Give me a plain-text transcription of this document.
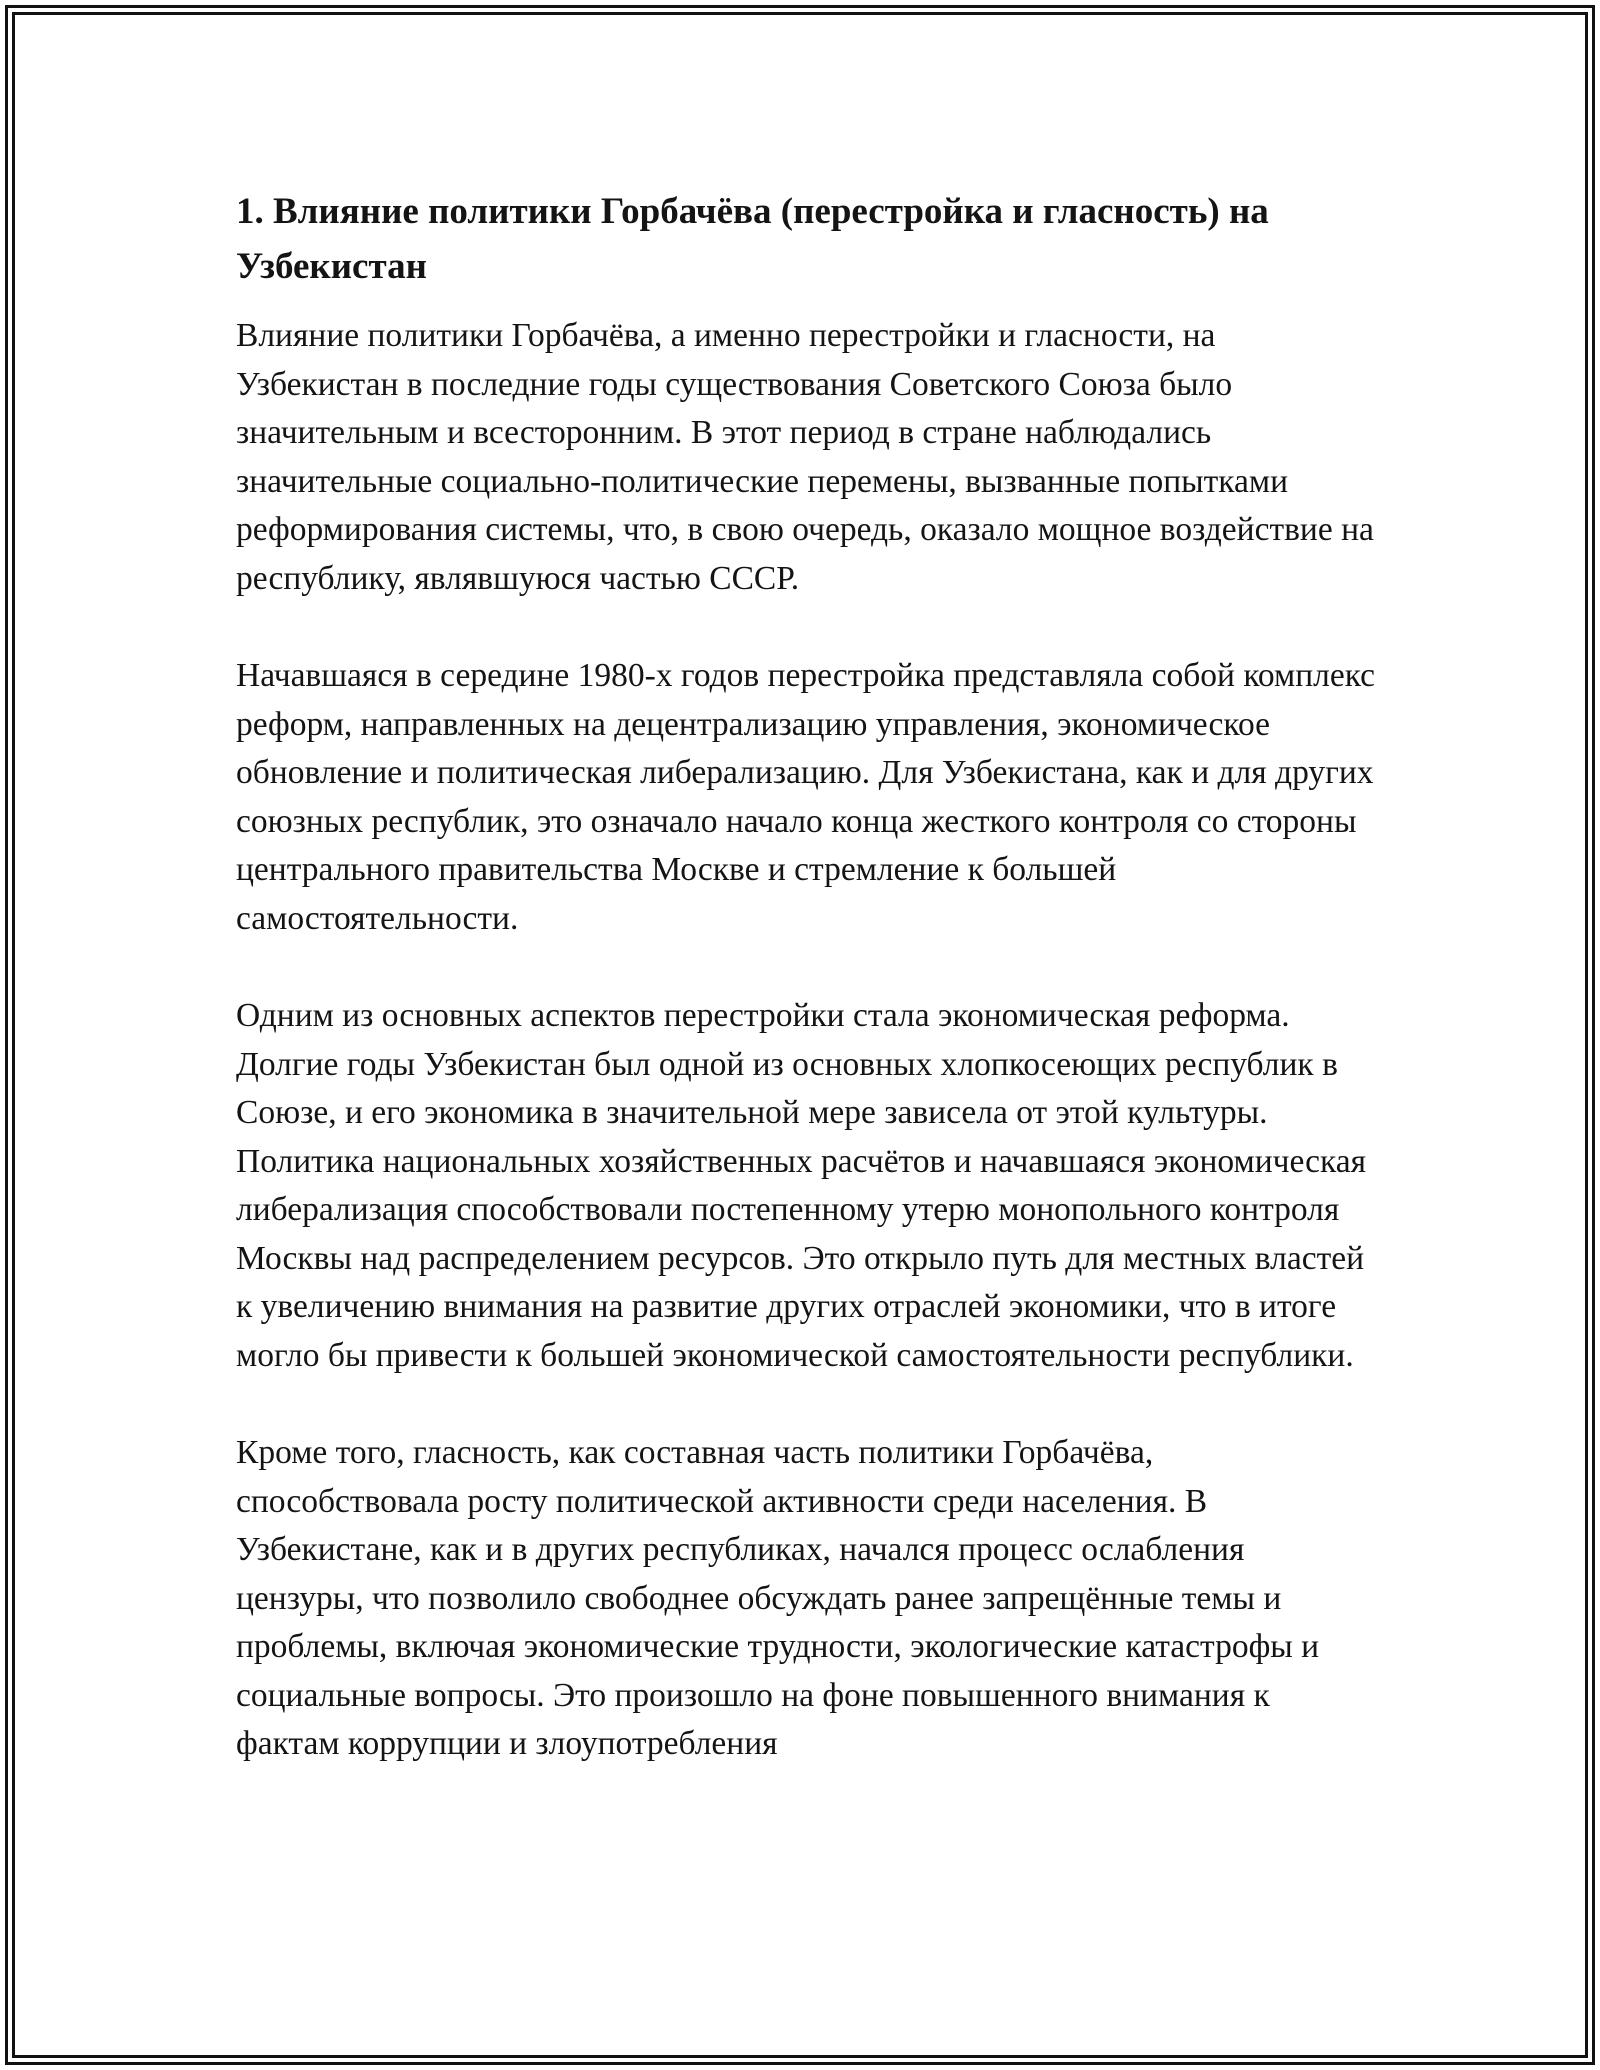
1. Влияние политики Горбачёва (перестройка и гласность) на Узбекистан

Влияние политики Горбачёва, а именно перестройки и гласности, на Узбекистан в последние годы существования Советского Союза было значительным и всесторонним. В этот период в стране наблюдались значительные социально-политические перемены, вызванные попытками реформирования системы, что, в свою очередь, оказало мощное воздействие на республику, являвшуюся частью СССР.

Начавшаяся в середине 1980-х годов перестройка представляла собой комплекс реформ, направленных на децентрализацию управления, экономическое обновление и политическая либерализацию. Для Узбекистана, как и для других союзных республик, это означало начало конца жесткого контроля со стороны центрального правительства Москве и стремление к большей самостоятельности.

Одним из основных аспектов перестройки стала экономическая реформа. Долгие годы Узбекистан был одной из основных хлопкосеющих республик в Союзе, и его экономика в значительной мере зависела от этой культуры. Политика национальных хозяйственных расчётов и начавшаяся экономическая либерализация способствовали постепенному утерю монопольного контроля Москвы над распределением ресурсов. Это открыло путь для местных властей к увеличению внимания на развитие других отраслей экономики, что в итоге могло бы привести к большей экономической самостоятельности республики.

Кроме того, гласность, как составная часть политики Горбачёва, способствовала росту политической активности среди населения. В Узбекистане, как и в других республиках, начался процесс ослабления цензуры, что позволило свободнее обсуждать ранее запрещённые темы и проблемы, включая экономические трудности, экологические катастрофы и социальные вопросы. Это произошло на фоне повышенного внимания к фактам коррупции и злоупотребления
